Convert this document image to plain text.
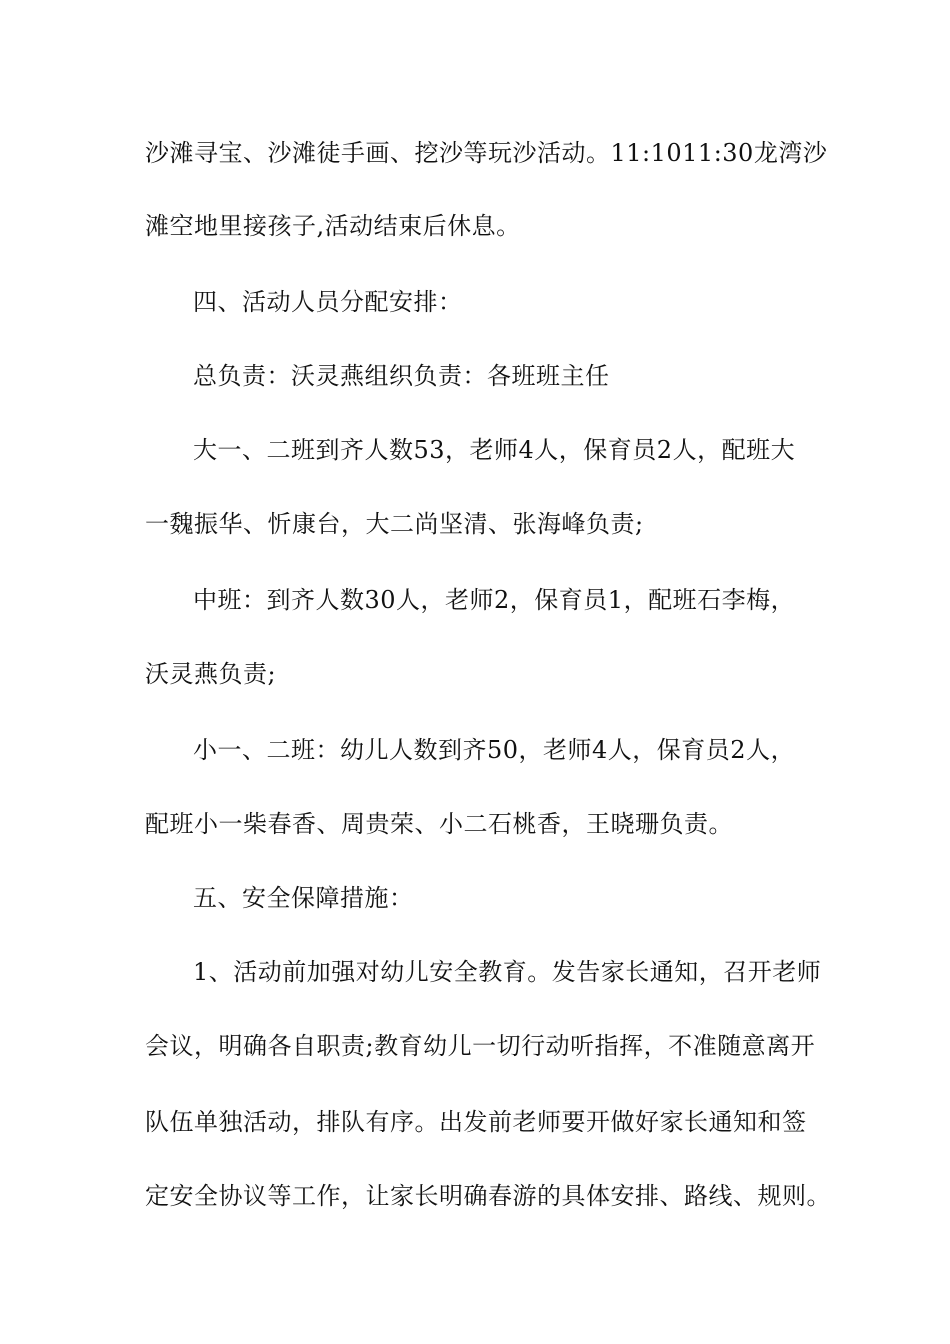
沙滩寻宝、沙滩徒手画、挖沙等玩沙活动。11:1011:30龙湾沙
滩空地里接孩子,活动结束后休息。
四、活动人员分配安排：
总负责：沃灵燕组织负责：各班班主任
大一、二班到齐人数53，老师4人，保育员2人，配班大
一魏振华、忻康台，大二尚坚清、张海峰负责;
中班：到齐人数30人，老师2，保育员1，配班石李梅，
沃灵燕负责;
小一、二班：幼儿人数到齐50，老师4人，保育员2人，
配班小一柴春香、周贵荣、小二石桃香，王晓珊负责。
五、安全保障措施：
1、活动前加强对幼儿安全教育。发告家长通知，召开老师
会议，明确各自职责;教育幼儿一切行动听指挥，不准随意离开
队伍单独活动，排队有序。出发前老师要开做好家长通知和签
定安全协议等工作，让家长明确春游的具体安排、路线、规则。
